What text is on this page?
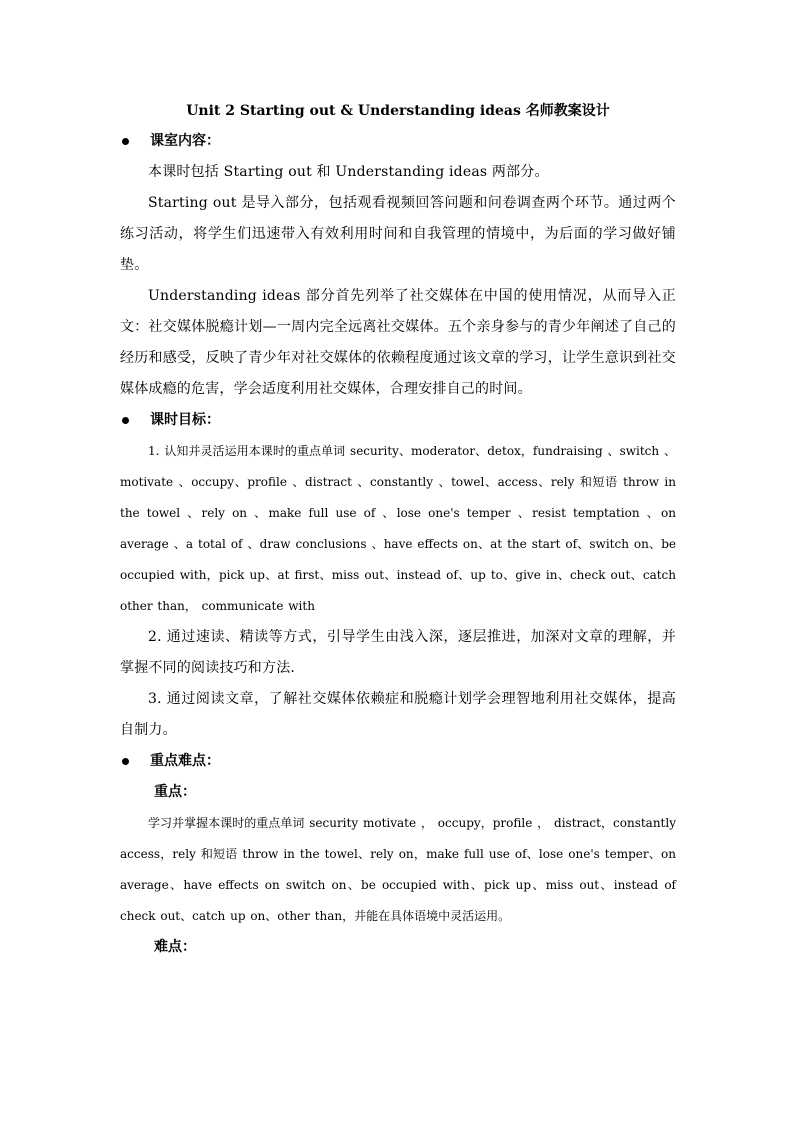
Unit 2 Starting out & Understanding ideas 名师教案设计
课室内容：

本课时包括 Starting out 和 Understanding ideas 两部分。

Starting out 是导入部分，包括观看视频回答问题和问卷调查两个环节。通过两个练习活动，将学生们迅速带入有效利用时间和自我管理的情境中，为后面的学习做好铺垫。

Understanding ideas 部分首先列举了社交媒体在中国的使用情况，从而导入正文：社交媒体脱瘾计划—一周内完全远离社交媒体。五个亲身参与的青少年阐述了自己的经历和感受，反映了青少年对社交媒体的依赖程度通过该文章的学习，让学生意识到社交媒体成瘾的危害，学会适度利用社交媒体，合理安排自己的时间。

课时目标：

1. 认知并灵活运用本课时的重点单词 security、moderator、detox，fundraising 、switch 、motivate 、occupy、profile 、distract 、constantly 、towel、access、rely 和短语 throw in the towel 、rely on 、make full use of 、lose one's temper 、resist temptation 、on average 、a total of 、draw conclusions 、have effects on、at the start of、switch on、be occupied with，pick up、at first、miss out、instead of、up to、give in、check out、catch other than， communicate with

2. 通过速读、精读等方式，引导学生由浅入深，逐层推进，加深对文章的理解，并掌握不同的阅读技巧和方法.

3. 通过阅读文章，了解社交媒体依赖症和脱瘾计划学会理智地利用社交媒体，提高自制力。

重点难点：

重点：

学习并掌握本课时的重点单词 security motivate ， occupy，profile ， distract，constantly access，rely 和短语 throw in the towel、rely on，make full use of、lose one's temper、on average、have effects on switch on、be occupied with、pick up、miss out、instead of check out、catch up on、other than，并能在具体语境中灵活运用。

难点：
